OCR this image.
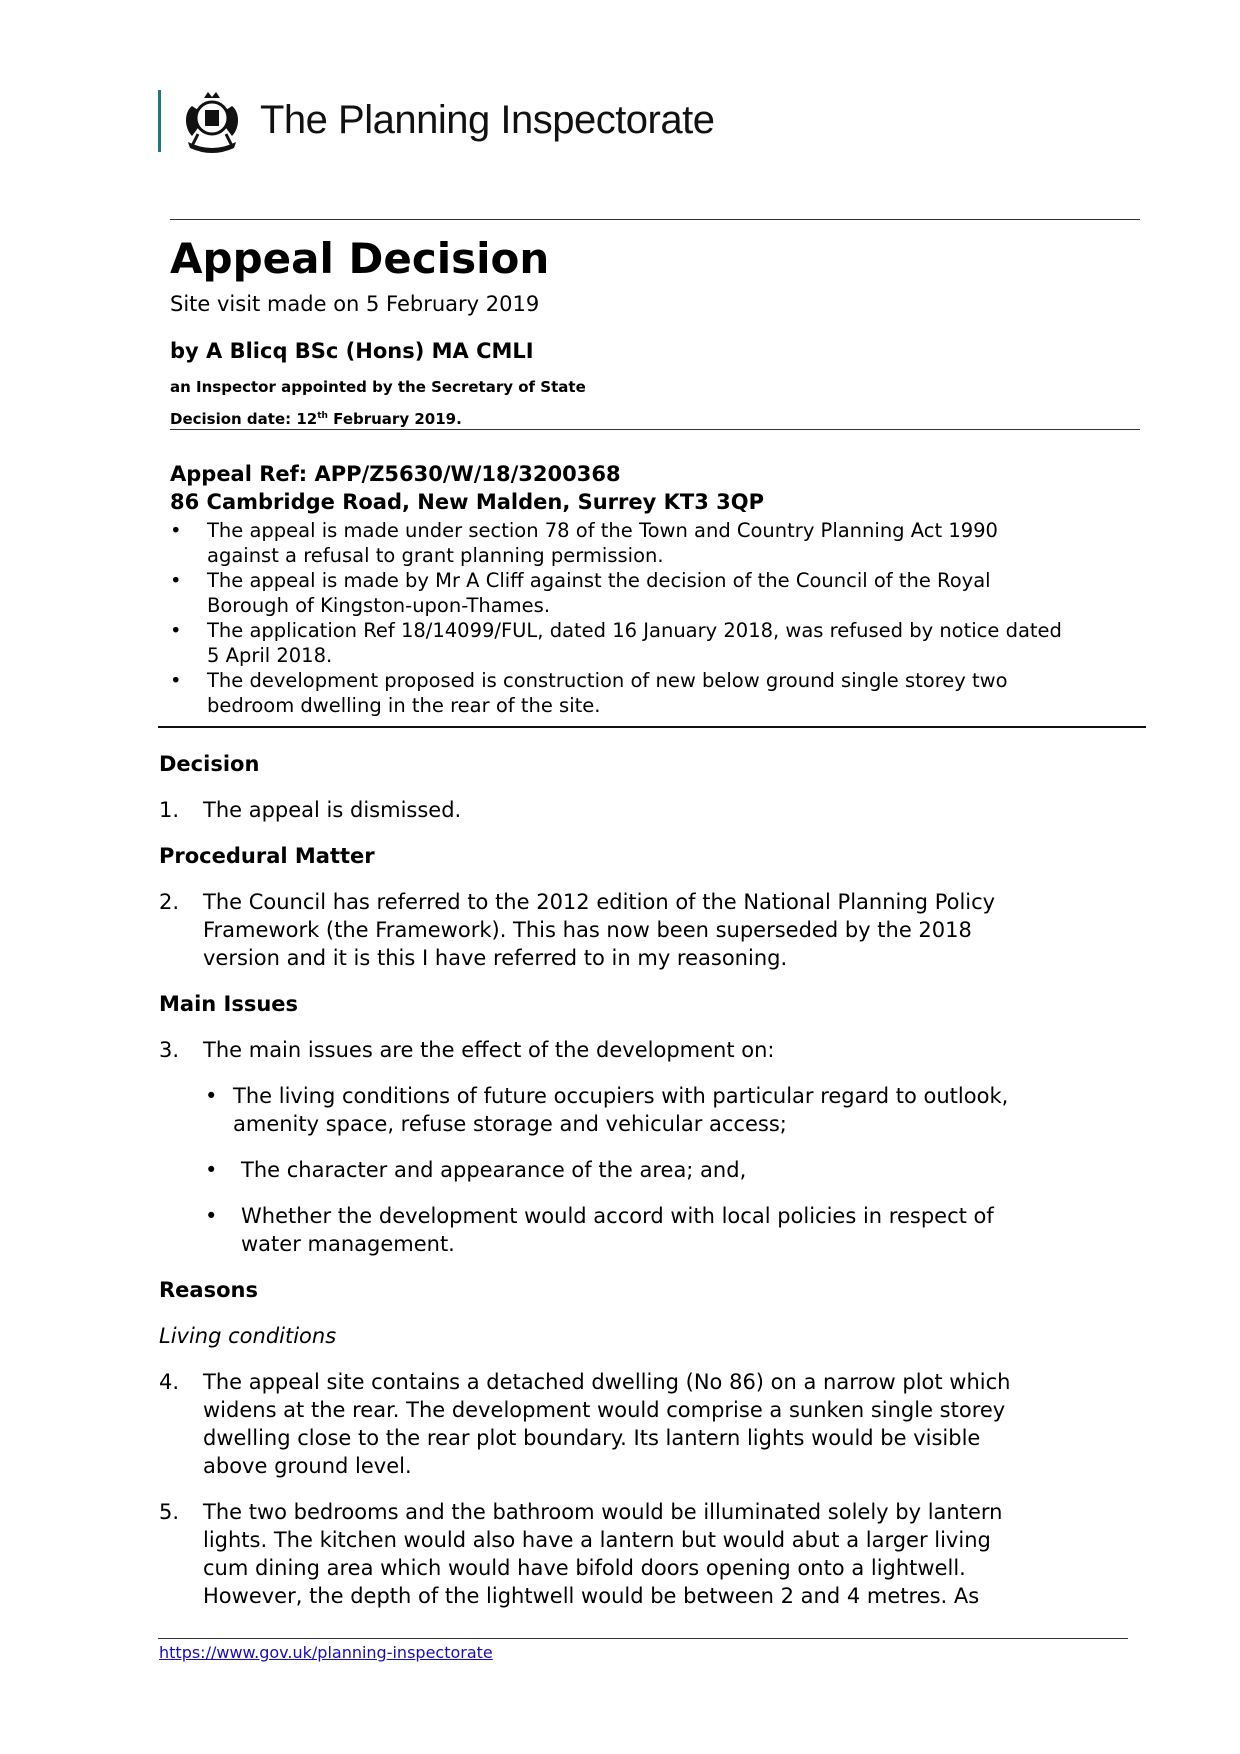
The Planning Inspectorate
Appeal Decision
Site visit made on 5 February 2019
by A Blicq BSc (Hons) MA CMLI
an Inspector appointed by the Secretary of State
Decision date: 12th February 2019.
Appeal Ref: APP/Z5630/W/18/3200368
86 Cambridge Road, New Malden, Surrey KT3 3QP
• The appeal is made under section 78 of the Town and Country Planning Act 1990
against a refusal to grant planning permission.
• The appeal is made by Mr A Cliff against the decision of the Council of the Royal
Borough of Kingston-upon-Thames.
• The application Ref 18/14099/FUL, dated 16 January 2018, was refused by notice dated
5 April 2018.
• The development proposed is construction of new below ground single storey two
bedroom dwelling in the rear of the site.
Decision
1. The appeal is dismissed.
Procedural Matter
2. The Council has referred to the 2012 edition of the National Planning Policy
Framework (the Framework). This has now been superseded by the 2018
version and it is this I have referred to in my reasoning.
Main Issues
3. The main issues are the effect of the development on:
• The living conditions of future occupiers with particular regard to outlook,
amenity space, refuse storage and vehicular access;
• The character and appearance of the area; and,
• Whether the development would accord with local policies in respect of
water management.
Reasons
Living conditions
4. The appeal site contains a detached dwelling (No 86) on a narrow plot which
widens at the rear. The development would comprise a sunken single storey
dwelling close to the rear plot boundary. Its lantern lights would be visible
above ground level.
5. The two bedrooms and the bathroom would be illuminated solely by lantern
lights. The kitchen would also have a lantern but would abut a larger living
cum dining area which would have bifold doors opening onto a lightwell.
However, the depth of the lightwell would be between 2 and 4 metres. As
https://www.gov.uk/planning-inspectorate
